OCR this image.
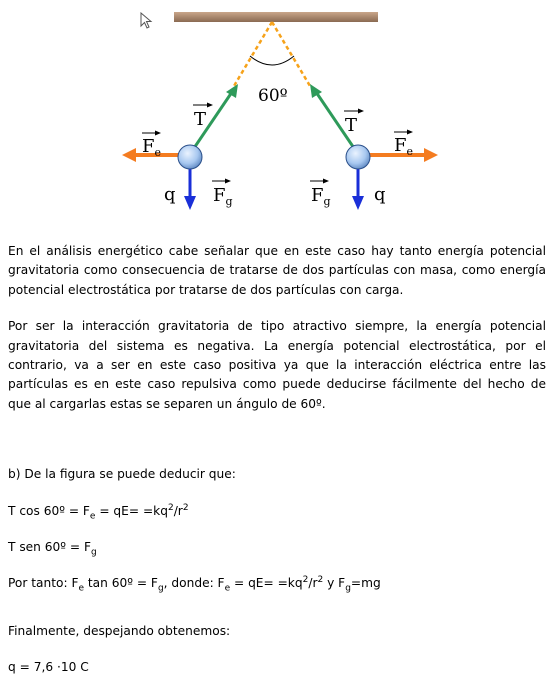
60º
T	T
$F_e$	$F_e$
q	q
$F_g$	$F_g$

En el análisis energético cabe señalar que en este caso hay tanto energía potencial gravitatoria como consecuencia de tratarse de dos partículas con masa, como energía potencial electrostática por tratarse de dos partículas con carga.

Por ser la interacción gravitatoria de tipo atractivo siempre, la energía potencial gravitatoria del sistema es negativa. La energía potencial electrostática, por el contrario, va a ser en este caso positiva ya que la interacción eléctrica entre las partículas es en este caso repulsiva como puede deducirse fácilmente del hecho de que al cargarlas estas se separen un ángulo de 60º.

b) De la figura se puede deducir que:

T cos 60º = $F_e = qE= =kq^2/r^2$

T sen 60º = $F_g$

Por tanto: $F_e$ tan 60º = $F_g$, donde: $F_e = qE= =kq^2/r^2$ y $F_g=mg$

Finalmente, despejando obtenemos:

q = 7,6 ·10 C
